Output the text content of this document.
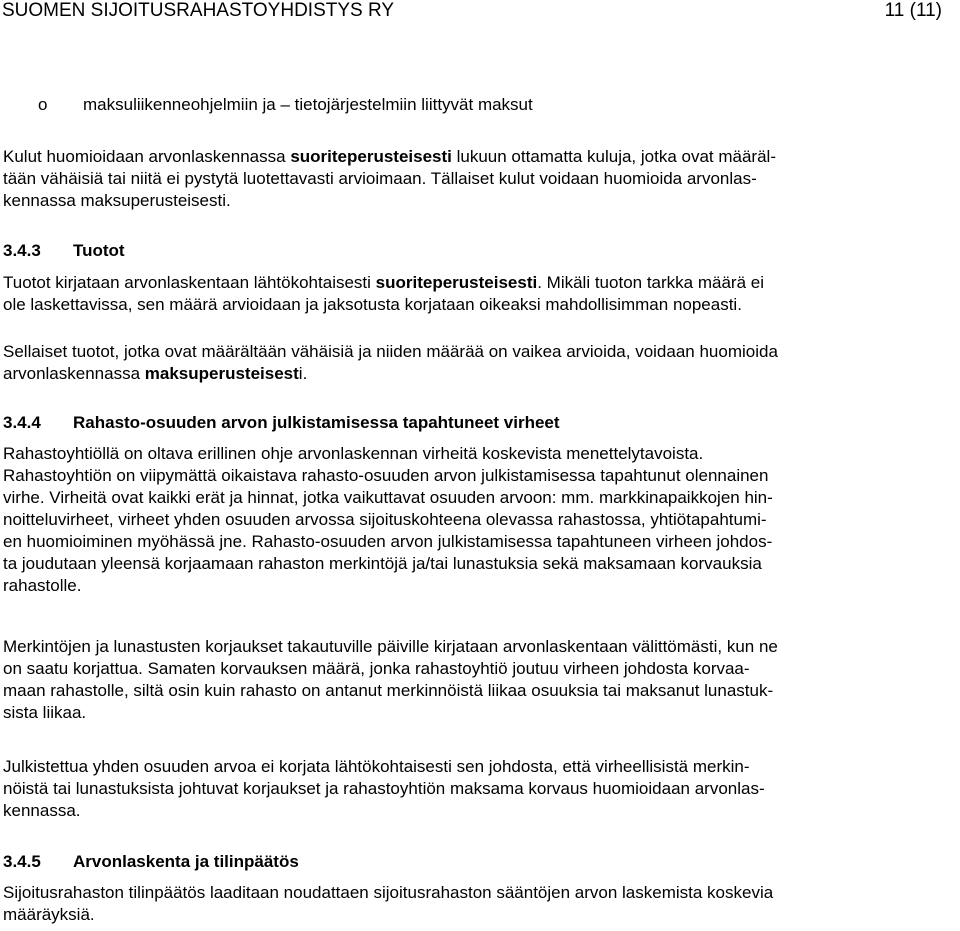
SUOMEN SIJOITUSRAHASTOYHDISTYS RY	11 (11)
o maksuliikenneohjelmiin ja – tietojärjestelmiin liittyvät maksut
Kulut huomioidaan arvonlaskennassa suoriteperusteisesti lukuun ottamatta kuluja, jotka ovat määräl-
tään vähäisiä tai niitä ei pystytä luotettavasti arvioimaan. Tällaiset kulut voidaan huomioida arvonlas-
kennassa maksuperusteisesti.
3.4.3 Tuotot
Tuotot kirjataan arvonlaskentaan lähtökohtaisesti suoriteperusteisesti. Mikäli tuoton tarkka määrä ei
ole laskettavissa, sen määrä arvioidaan ja jaksotusta korjataan oikeaksi mahdollisimman nopeasti.
Sellaiset tuotot, jotka ovat määrältään vähäisiä ja niiden määrää on vaikea arvioida, voidaan huomioida
arvonlaskennassa maksuperusteisesti.
3.4.4 Rahasto-osuuden arvon julkistamisessa tapahtuneet virheet
Rahastoyhtiöllä on oltava erillinen ohje arvonlaskennan virheitä koskevista menettelytavoista.
Rahastoyhtiön on viipymättä oikaistava rahasto-osuuden arvon julkistamisessa tapahtunut olennainen
virhe. Virheitä ovat kaikki erät ja hinnat, jotka vaikuttavat osuuden arvoon: mm. markkinapaikkojen hin-
noitteluvirheet, virheet yhden osuuden arvossa sijoituskohteena olevassa rahastossa, yhtiötapahtumi-
en huomioiminen myöhässä jne. Rahasto-osuuden arvon julkistamisessa tapahtuneen virheen johdos-
ta joudutaan yleensä korjaamaan rahaston merkintöjä ja/tai lunastuksia sekä maksamaan korvauksia
rahastolle.
Merkintöjen ja lunastusten korjaukset takautuville päiville kirjataan arvonlaskentaan välittömästi, kun ne
on saatu korjattua. Samaten korvauksen määrä, jonka rahastoyhtiö joutuu virheen johdosta korvaa-
maan rahastolle, siltä osin kuin rahasto on antanut merkinnöistä liikaa osuuksia tai maksanut lunastuk-
sista liikaa.
Julkistettua yhden osuuden arvoa ei korjata lähtökohtaisesti sen johdosta, että virheellisistä merkin-
nöistä tai lunastuksista johtuvat korjaukset ja rahastoyhtiön maksama korvaus huomioidaan arvonlas-
kennassa.
3.4.5 Arvonlaskenta ja tilinpäätös
Sijoitusrahaston tilinpäätös laaditaan noudattaen sijoitusrahaston sääntöjen arvon laskemista koskevia
määräyksiä.
